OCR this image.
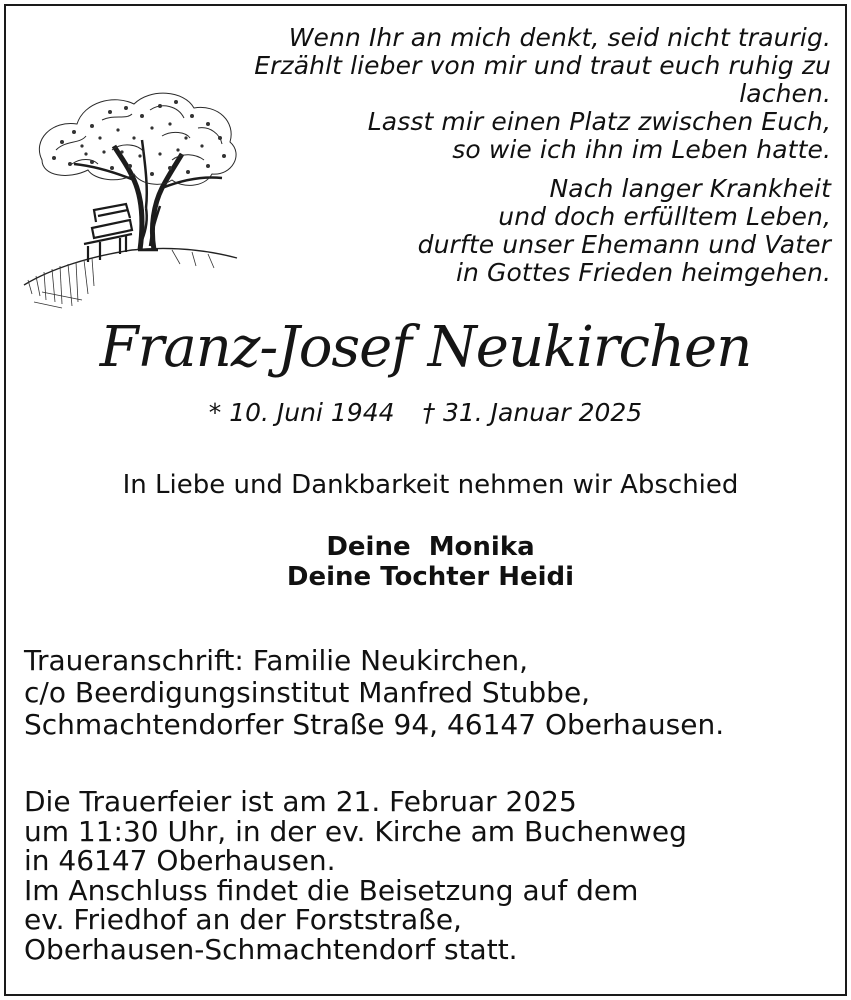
Wenn Ihr an mich denkt, seid nicht traurig.
Erzählt lieber von mir und traut euch ruhig zu lachen.
Lasst mir einen Platz zwischen Euch,
so wie ich ihn im Leben hatte.
Nach langer Krankheit
und doch erfülltem Leben,
durfte unser Ehemann und Vater
in Gottes Frieden heimgehen.
Franz-Josef Neukirchen
* 10. Juni 1944 † 31. Januar 2025
In Liebe und Dankbarkeit nehmen wir Abschied
Deine  Monika
Deine Tochter Heidi
Traueranschrift: Familie Neukirchen,
c/o Beerdigungsinstitut Manfred Stubbe,
Schmachtendorfer Straße 94, 46147 Oberhausen.
Die Trauerfeier ist am 21. Februar 2025
um 11:30 Uhr, in der ev. Kirche am Buchenweg
in 46147 Oberhausen.
Im Anschluss findet die Beisetzung auf dem
ev. Friedhof an der Forststraße,
Oberhausen-Schmachtendorf statt.
